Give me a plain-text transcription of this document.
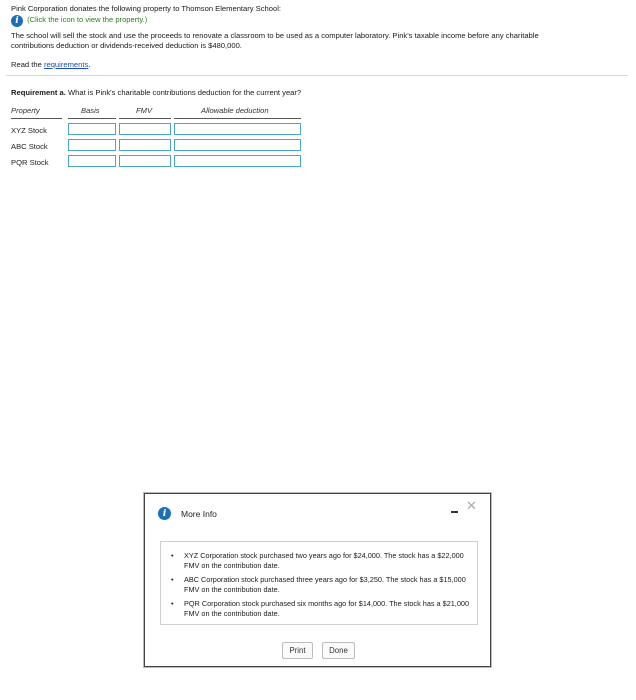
Pink Corporation donates the following property to Thomson Elementary School:
i (Click the icon to view the property.)
The school will sell the stock and use the proceeds to renovate a classroom to be used as a computer laboratory. Pink's taxable income before any charitable
contributions deduction or dividends-received deduction is $480,000.
Read the requirements.
Requirement a. What is Pink's charitable contributions deduction for the current year?
Property	Basis	FMV	Allowable deduction
XYZ Stock
ABC Stock
PQR Stock
i	More Info
✕
• XYZ Corporation stock purchased two years ago for $24,000. The stock has a $22,000 FMV on the contribution date.
• ABC Corporation stock purchased three years ago for $3,250. The stock has a $15,000 FMV on the contribution date.
• PQR Corporation stock purchased six months ago for $14,000. The stock has a $21,000 FMV on the contribution date.
Print	Done
